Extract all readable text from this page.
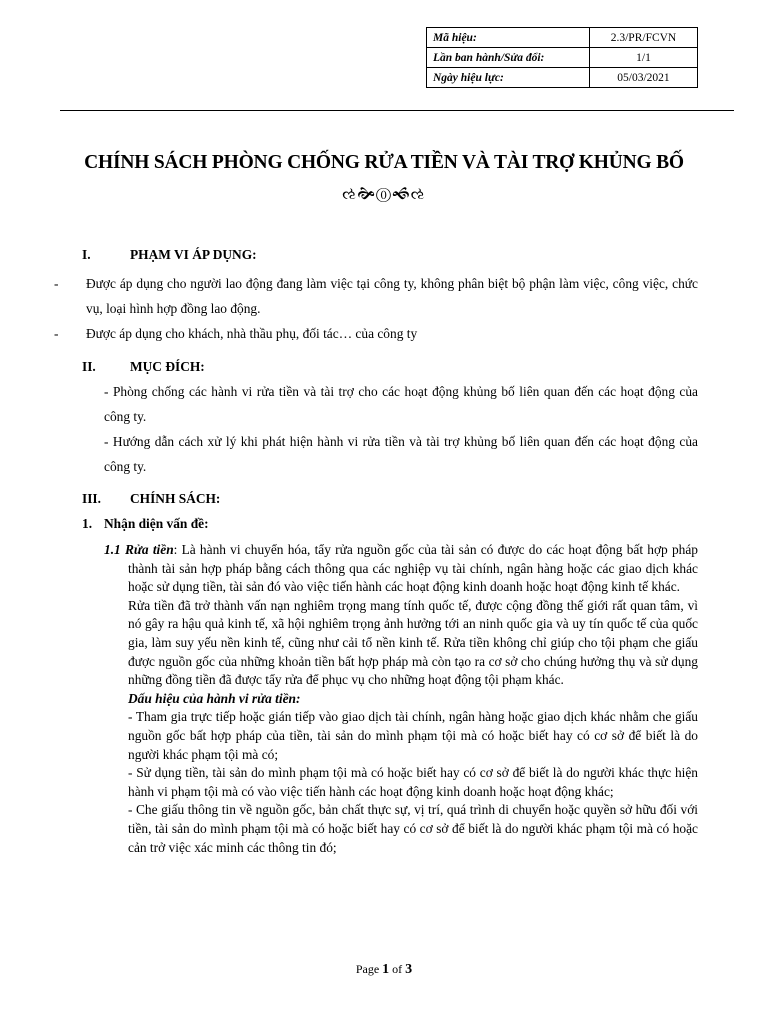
Mã hiệu:	2.3/PR/FCVN
Lần ban hành/Sửa đổi:	1/1
Ngày hiệu lực:	05/03/2021
CHÍNH SÁCH PHÒNG CHỐNG RỬA TIỀN VÀ TÀI TRỢ KHỦNG BỐ
ઌ🙞⓪🙜ઌ
I.	PHẠM VI ÁP DỤNG:
- Được áp dụng cho người lao động đang làm việc tại công ty, không phân biệt bộ phận làm việc, công việc, chức vụ, loại hình hợp đồng lao động.
- Được áp dụng cho khách, nhà thầu phụ, đối tác… của công ty
II.	MỤC ĐÍCH:
- Phòng chống các hành vi rửa tiền và tài trợ cho các hoạt động khủng bố liên quan đến các hoạt động của công ty.
- Hướng dẫn cách xử lý khi phát hiện hành vi rửa tiền và tài trợ khủng bố liên quan đến các hoạt động của công ty.
III. CHÍNH SÁCH:
1. Nhận diện vấn đề:

1.1 Rửa tiền: Là hành vi chuyển hóa, tẩy rửa nguồn gốc của tài sản có được do các hoạt động bất hợp pháp thành tài sản hợp pháp bằng cách thông qua các nghiệp vụ tài chính, ngân hàng hoặc các giao dịch khác hoặc sử dụng tiền, tài sản đó vào việc tiến hành các hoạt động kinh doanh hoặc hoạt động kinh tế khác.

Rửa tiền đã trở thành vấn nạn nghiêm trọng mang tính quốc tế, được cộng đồng thế giới rất quan tâm, vì nó gây ra hậu quả kinh tế, xã hội nghiêm trọng ảnh hưởng tới an ninh quốc gia và uy tín quốc tế của quốc gia, làm suy yếu nền kinh tế, cũng như cải tổ nền kinh tế. Rửa tiền không chỉ giúp cho tội phạm che giấu được nguồn gốc của những khoản tiền bất hợp pháp mà còn tạo ra cơ sở cho chúng hưởng thụ và sử dụng những đồng tiền đã được tẩy rửa để phục vụ cho những hoạt động tội phạm khác.

Dấu hiệu của hành vi rửa tiền:

- Tham gia trực tiếp hoặc gián tiếp vào giao dịch tài chính, ngân hàng hoặc giao dịch khác nhằm che giấu nguồn gốc bất hợp pháp của tiền, tài sản do mình phạm tội mà có hoặc biết hay có cơ sở để biết là do người khác phạm tội mà có;

- Sử dụng tiền, tài sản do mình phạm tội mà có hoặc biết hay có cơ sở để biết là do người khác thực hiện hành vi phạm tội mà có vào việc tiến hành các hoạt động kinh doanh hoặc hoạt động khác;

- Che giấu thông tin về nguồn gốc, bản chất thực sự, vị trí, quá trình di chuyển hoặc quyền sở hữu đối với tiền, tài sản do mình phạm tội mà có hoặc biết hay có cơ sở để biết là do người khác phạm tội mà có hoặc cản trở việc xác minh các thông tin đó;

Page 1 of 3
